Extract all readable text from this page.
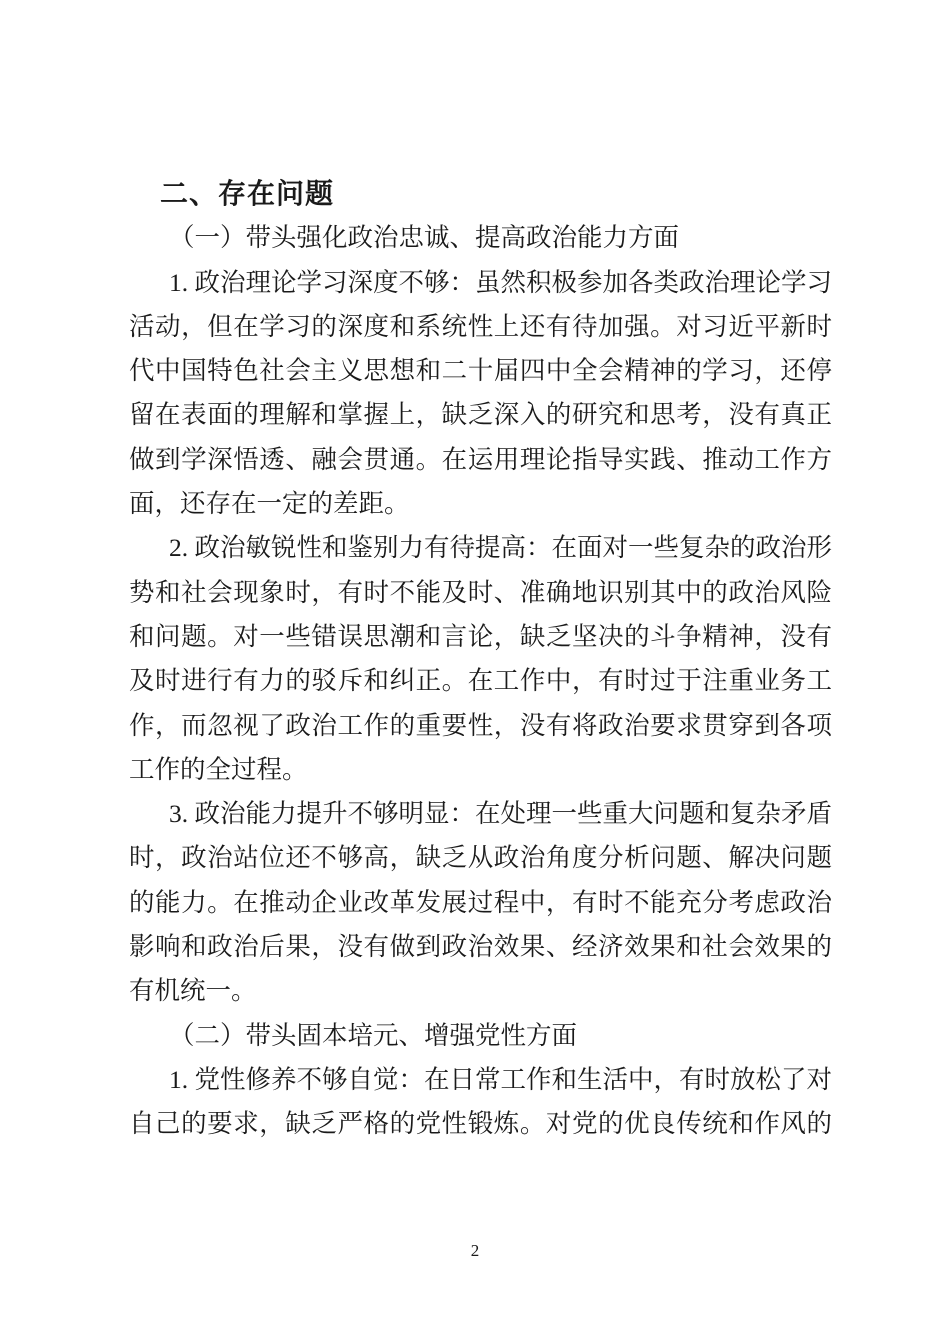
二、存在问题
（一）带头强化政治忠诚、提高政治能力方面
1. 政治理论学习深度不够：虽然积极参加各类政治理论学习
活动，但在学习的深度和系统性上还有待加强。对习近平新时
代中国特色社会主义思想和二十届四中全会精神的学习，还停
留在表面的理解和掌握上，缺乏深入的研究和思考，没有真正
做到学深悟透、融会贯通。在运用理论指导实践、推动工作方
面，还存在一定的差距。
2. 政治敏锐性和鉴别力有待提高：在面对一些复杂的政治形
势和社会现象时，有时不能及时、准确地识别其中的政治风险
和问题。对一些错误思潮和言论，缺乏坚决的斗争精神，没有
及时进行有力的驳斥和纠正。在工作中，有时过于注重业务工
作，而忽视了政治工作的重要性，没有将政治要求贯穿到各项
工作的全过程。
3. 政治能力提升不够明显：在处理一些重大问题和复杂矛盾
时，政治站位还不够高，缺乏从政治角度分析问题、解决问题
的能力。在推动企业改革发展过程中，有时不能充分考虑政治
影响和政治后果，没有做到政治效果、经济效果和社会效果的
有机统一。
（二）带头固本培元、增强党性方面
1. 党性修养不够自觉：在日常工作和生活中，有时放松了对
自己的要求，缺乏严格的党性锻炼。对党的优良传统和作风的
2
